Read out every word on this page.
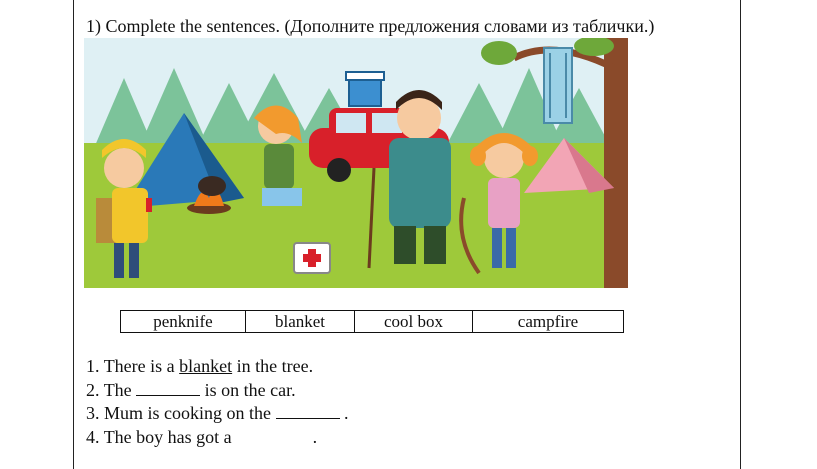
1) Complete the sentences. (Дополните предложения словами из таблички.)
penknife	blanket	cool box	campfire
1. There is a blanket in the tree.
2. The	is on the car.
3. Mum is cooking on the	.
4. The boy has got a	.
